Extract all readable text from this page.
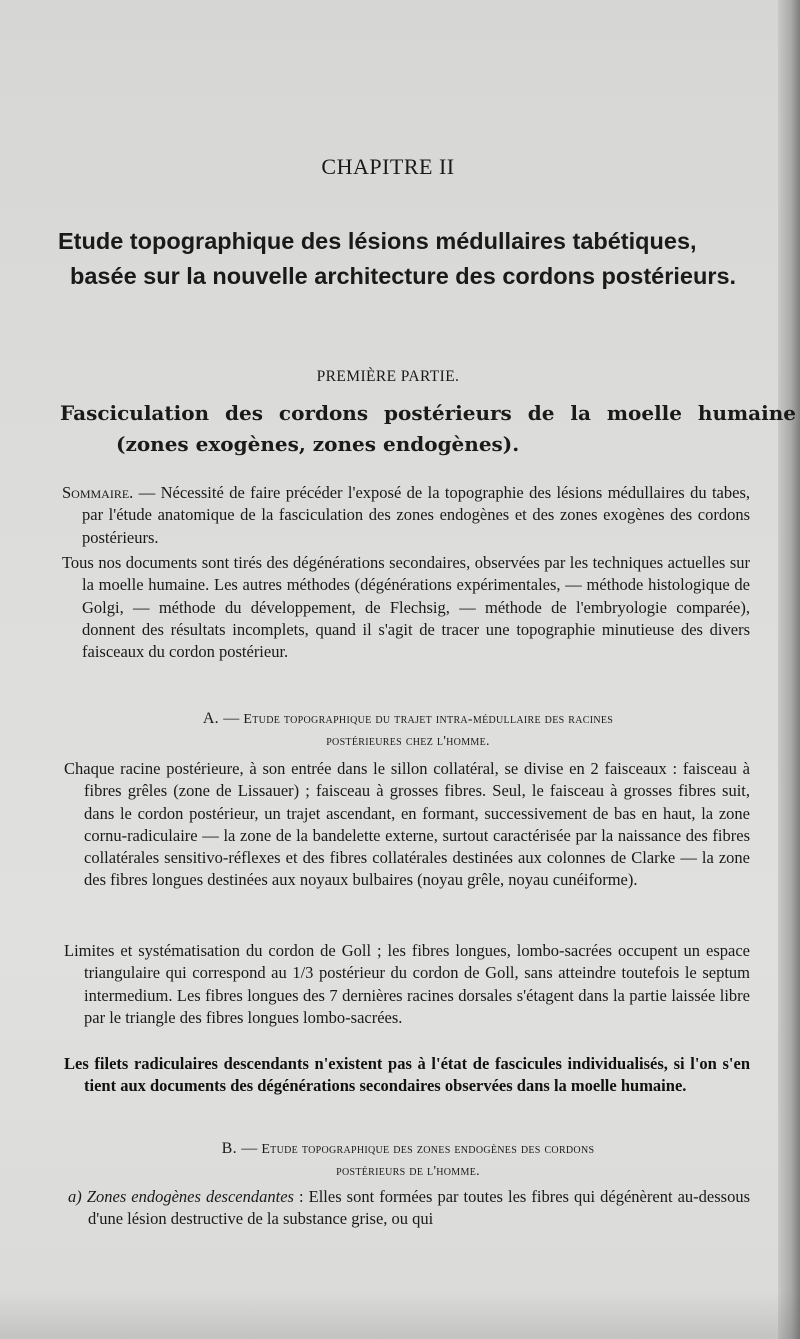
CHAPITRE II

Etude topographique des lésions médullaires tabétiques, basée sur la nouvelle architecture des cordons postérieurs.

PREMIÈRE PARTIE.

Fasciculation des cordons postérieurs de la moelle humaine (zones exogènes, zones endogènes).

Sommaire. — Nécessité de faire précéder l'exposé de la topographie des lésions médullaires du tabes, par l'étude anatomique de la fasciculation des zones endogènes et des zones exogènes des cordons postérieurs.

Tous nos documents sont tirés des dégénérations secondaires, observées par les techniques actuelles sur la moelle humaine. Les autres méthodes (dégénérations expérimentales, — méthode histologique de Golgi, — méthode du développement, de Flechsig, — méthode de l'embryologie comparée), donnent des résultats incomplets, quand il s'agit de tracer une topographie minutieuse des divers faisceaux du cordon postérieur.

A. — Etude topographique du trajet intra-médullaire des racines
postérieures chez l'homme.

Chaque racine postérieure, à son entrée dans le sillon collatéral, se divise en 2 faisceaux : faisceau à fibres grêles (zone de Lissauer) ; faisceau à grosses fibres. Seul, le faisceau à grosses fibres suit, dans le cordon postérieur, un trajet ascendant, en formant, successivement de bas en haut, la zone cornu-radiculaire — la zone de la bandelette externe, surtout caractérisée par la naissance des fibres collatérales sensitivo-réflexes et des fibres collatérales destinées aux colonnes de Clarke — la zone des fibres longues destinées aux noyaux bulbaires (noyau grêle, noyau cunéiforme).

Limites et systématisation du cordon de Goll ; les fibres longues, lombo-sacrées occupent un espace triangulaire qui correspond au 1/3 postérieur du cordon de Goll, sans atteindre toutefois le septum intermedium. Les fibres longues des 7 dernières racines dorsales s'étagent dans la partie laissée libre par le triangle des fibres longues lombo-sacrées.

Les filets radiculaires descendants n'existent pas à l'état de fascicules individualisés, si l'on s'en tient aux documents des dégénérations secondaires observées dans la moelle humaine.

B. — Etude topographique des zones endogènes des cordons
postérieurs de l'homme.

a) Zones endogènes descendantes : Elles sont formées par toutes les fibres qui dégénèrent au-dessous d'une lésion destructive de la substance grise, ou qui
